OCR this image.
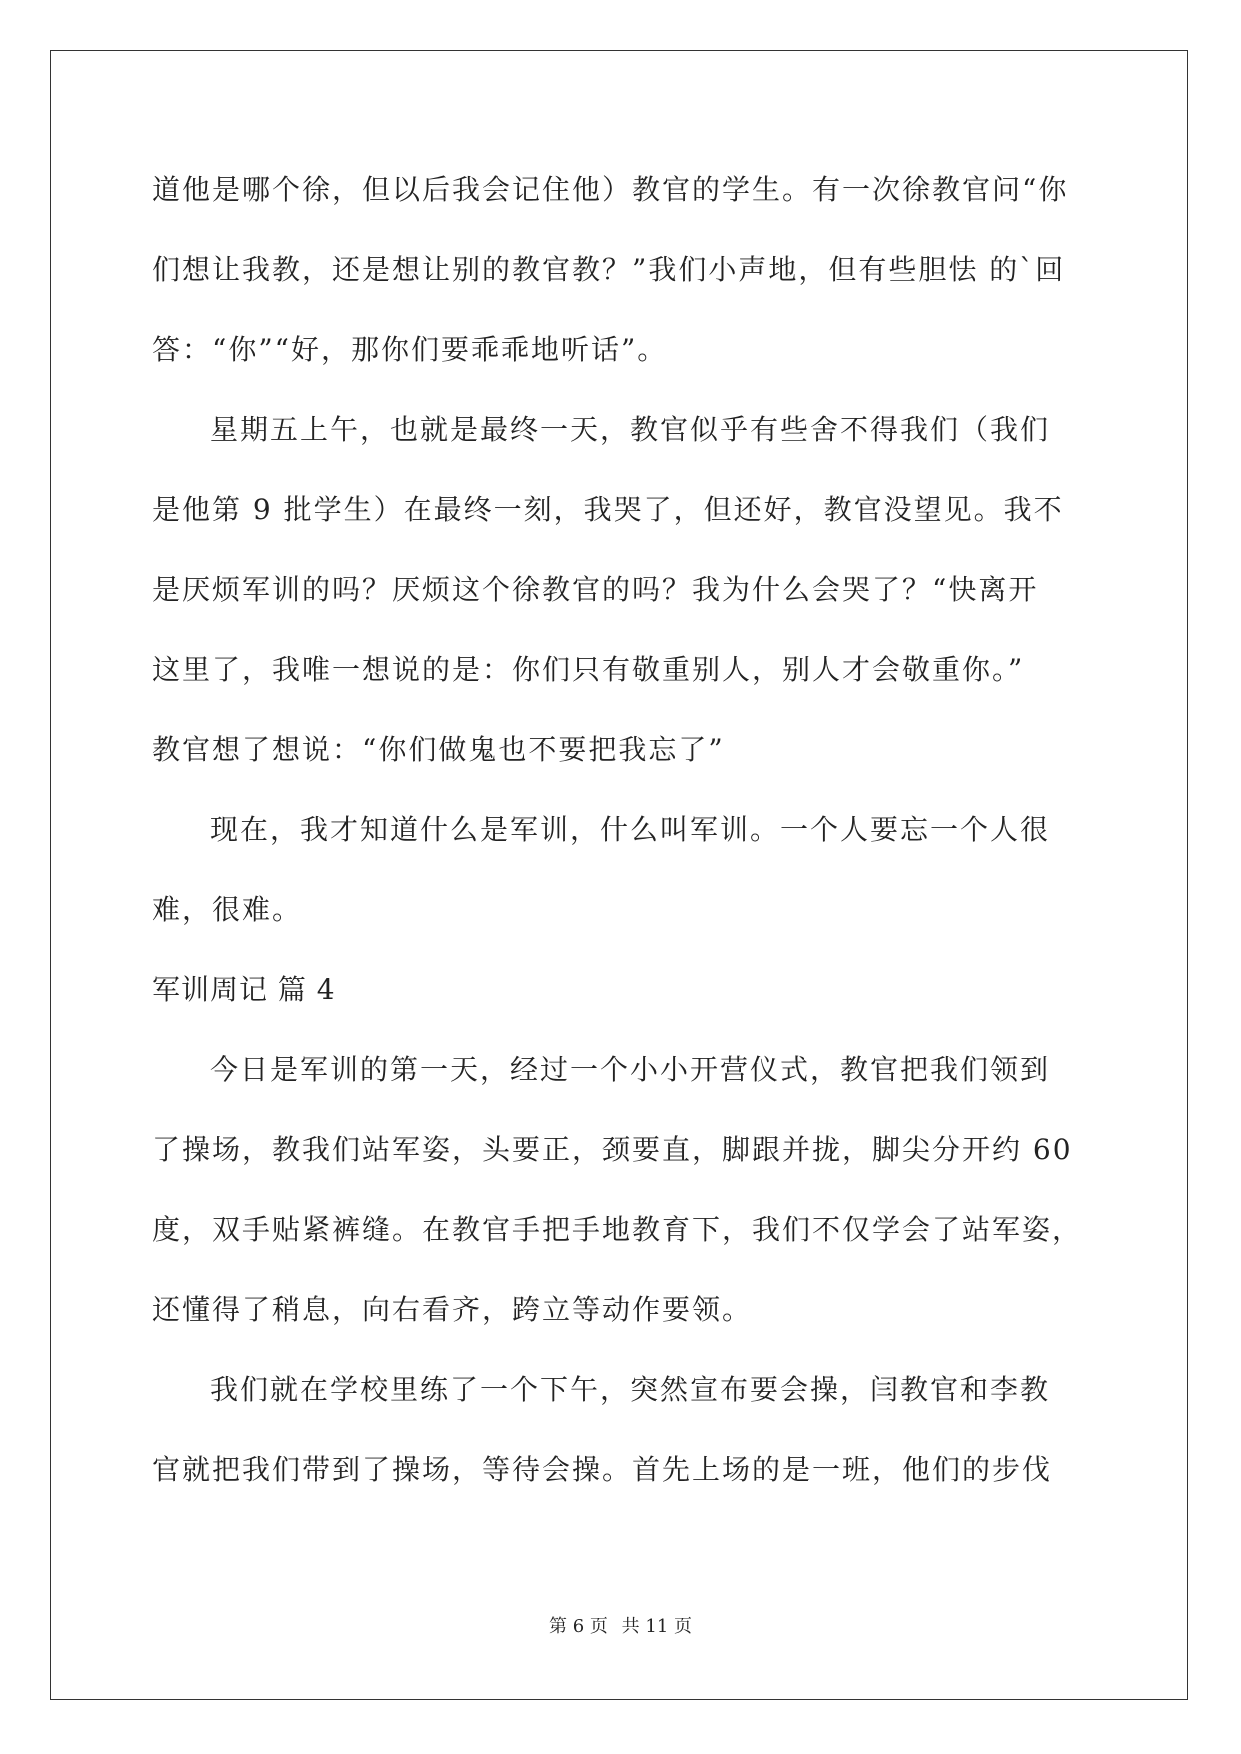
道他是哪个徐，但以后我会记住他）教官的学生。有一次徐教官问“你
们想让我教，还是想让别的教官教？”我们小声地，但有些胆怯 的`回
答：“你”“好，那你们要乖乖地听话”。
星期五上午，也就是最终一天，教官似乎有些舍不得我们（我们
是他第 9 批学生）在最终一刻，我哭了，但还好，教官没望见。我不
是厌烦军训的吗？厌烦这个徐教官的吗？我为什么会哭了？“快离开
这里了，我唯一想说的是：你们只有敬重别人，别人才会敬重你。”
教官想了想说：“你们做鬼也不要把我忘了”
现在，我才知道什么是军训，什么叫军训。一个人要忘一个人很
难，很难。
军训周记 篇 4
今日是军训的第一天，经过一个小小开营仪式，教官把我们领到
了操场，教我们站军姿，头要正，颈要直，脚跟并拢，脚尖分开约 60
度，双手贴紧裤缝。在教官手把手地教育下，我们不仅学会了站军姿，
还懂得了稍息，向右看齐，跨立等动作要领。
我们就在学校里练了一个下午，突然宣布要会操，闫教官和李教
官就把我们带到了操场，等待会操。首先上场的是一班，他们的步伐
第 6 页 共 11 页
